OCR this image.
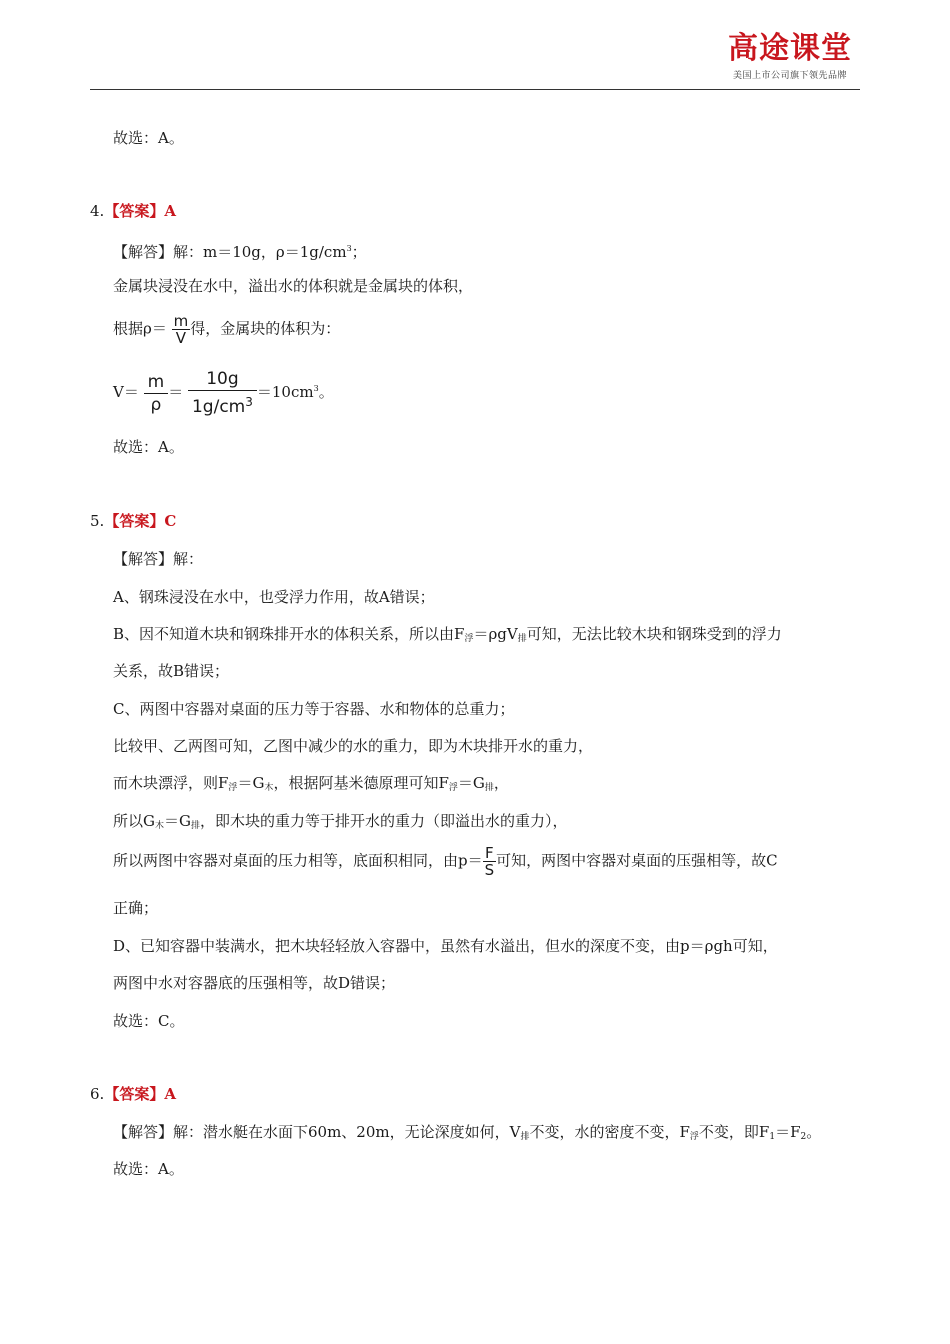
高途课堂
美国上市公司旗下领先品牌
故选：A。
4.【答案】A
【解答】解：m＝10g，$\rho=1g/cm^3$；
金属块浸没在水中，溢出水的体积就是金属块的体积，
根据$\rho= \frac{m}{V}$ 得，金属块的体积为：
$V= \frac{m}{\rho} = \frac{10g}{1g/cm^3} =10cm^3$。
故选：A。
5.【答案】C
【解答】解：
A、钢珠浸没在水中，也受浮力作用，故A错误；
B、因不知道木块和钢珠排开水的体积关系，所以由$F_浮=\rho gV_排$可知，无法比较木块和钢珠受到的浮力
关系，故B错误；
C、两图中容器对桌面的压力等于容器、水和物体的总重力；
比较甲、乙两图可知，乙图中减少的水的重力，即为木块排开水的重力，
而木块漂浮，则$F_浮=G_木$，根据阿基米德原理可知$F_浮=G_排$，
所以$G_木=G_排$，即木块的重力等于排开水的重力（即溢出水的重力），
所以两图中容器对桌面的压力相等，底面积相同，由$p= \frac{F}{S}$ 可知，两图中容器对桌面的压强相等，故C
正确；
D、已知容器中装满水，把木块轻轻放入容器中，虽然有水溢出，但水的深度不变，由p＝ρgh可知，
两图中水对容器底的压强相等，故D错误；
故选：C。
6.【答案】A
【解答】解：潜水艇在水面下60m、20m，无论深度如何，$V_排$不变，水的密度不变，$F_浮$不变，即$F_1=F_2$。
故选：A。
